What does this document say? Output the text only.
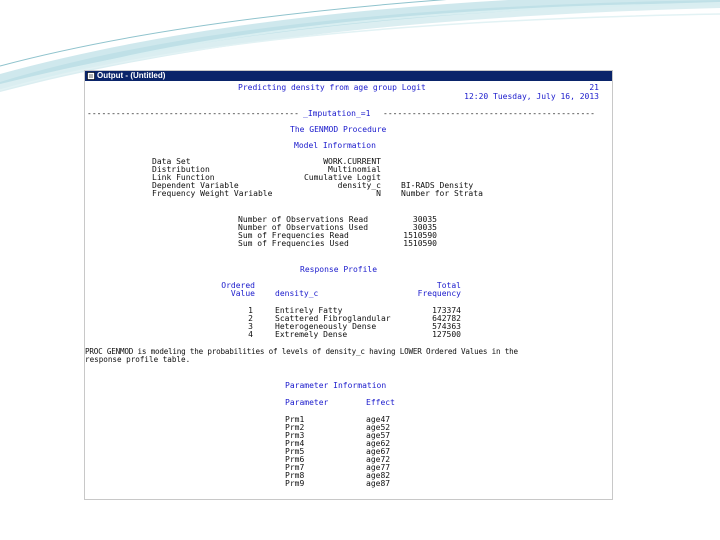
Output - (Untitled)
Predicting density from age group Logit	21
12:20 Tuesday, July 16, 2013
-------------------------------------------- _Imputation_=1 --------------------------------------------
The GENMOD Procedure
Model Information
Data Set	WORK.CURRENT
Distribution	Multinomial
Link Function	Cumulative Logit
Dependent Variable	density_c	BI-RADS Density
Frequency Weight Variable	N	Number for Strata
Number of Observations Read	30035
Number of Observations Used	30035
Sum of Frequencies Read	1510590
Sum of Frequencies Used	1510590
Response Profile
Ordered
Value	density_c
Total
Frequency
1	Entirely Fatty	173374
2	Scattered Fibroglandular	642782
3	Heterogeneously Dense	574363
4	Extremely Dense	127500
PROC GENMOD is modeling the probabilities of levels of density_c having LOWER Ordered Values in the
response profile table.
Parameter Information
Parameter	Effect
Prm1	age47
Prm2	age52
Prm3	age57
Prm4	age62
Prm5	age67
Prm6	age72
Prm7	age77
Prm8	age82
Prm9	age87
